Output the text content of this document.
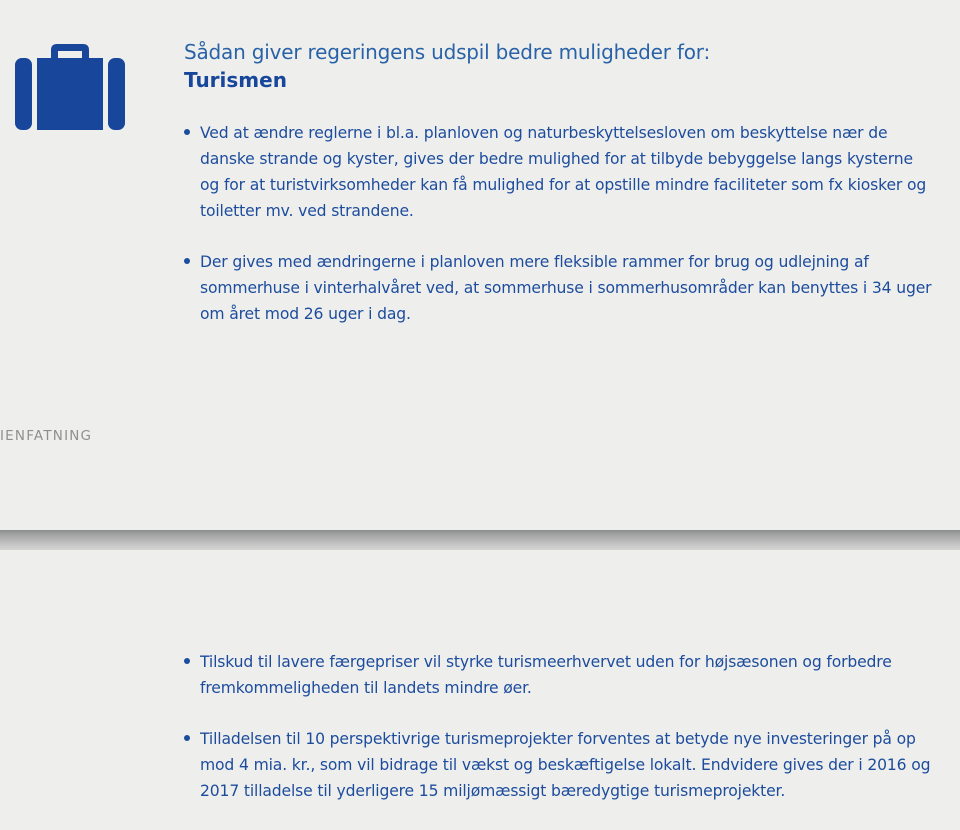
Sådan giver regeringens udspil bedre muligheder for:
Turismen
Ved at ændre reglerne i bl.a. planloven og naturbeskyttelsesloven om beskyttelse nær de danske strande og kyster, gives der bedre mulighed for at tilbyde bebyggelse langs kysterne og for at turistvirksomheder kan få mulighed for at opstille mindre faciliteter som fx kiosker og toiletter mv. ved strandene.
Der gives med ændringerne i planloven mere fleksible rammer for brug og udlejning af sommerhuse i vinterhalvåret ved, at sommerhuse i sommerhusområder kan benyttes i 34 uger om året mod 26 uger i dag.
IENFATNING
Tilskud til lavere færgepriser vil styrke turismeerhvervet uden for højsæsonen og forbedre fremkommeligheden til landets mindre øer.
Tilladelsen til 10 perspektivrige turismeprojekter forventes at betyde nye investeringer på op mod 4 mia. kr., som vil bidrage til vækst og beskæftigelse lokalt. Endvidere gives der i 2016 og 2017 tilladelse til yderligere 15 miljømæssigt bæredygtige turismeprojekter.
